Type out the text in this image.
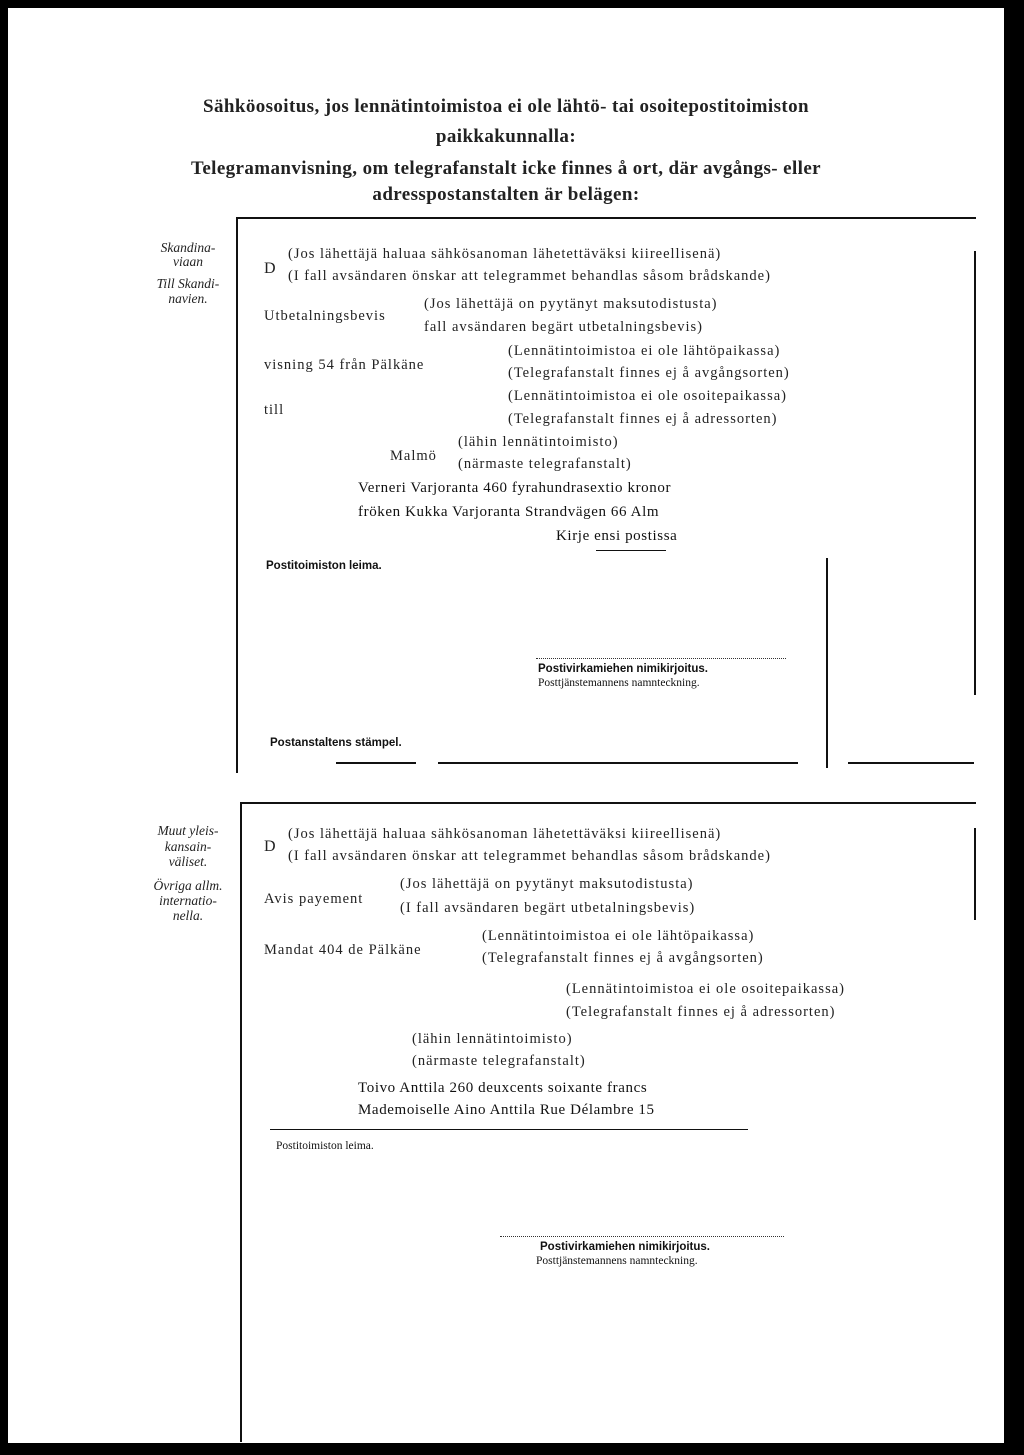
Sähköosoitus, jos lennätintoimistoa ei ole lähtö- tai osoitepostitoimiston
paikkakunnalla:
Telegramanvisning, om telegrafanstalt icke finnes å ort, där avgångs- eller
adresspostanstalten är belägen:
Skandina-
viaan
Till Skandi-
navien.
D
(Jos lähettäjä haluaa sähkösanoman lähetettäväksi kiireellisenä)
(I fall avsändaren önskar att telegrammet behandlas såsom brådskande)
Utbetalningsbevis
(Jos lähettäjä on pyytänyt maksutodistusta)
fall avsändaren begärt utbetalningsbevis)
visning 54 från Pälkäne
(Lennätintoimistoa ei ole lähtöpaikassa)
(Telegrafanstalt finnes ej å avgångsorten)
till
(Lennätintoimistoa ei ole osoitepaikassa)
(Telegrafanstalt finnes ej å adressorten)
Malmö
(lähin lennätintoimisto)
(närmaste telegrafanstalt)
Verneri Varjoranta 460 fyrahundrasextio kronor
fröken Kukka Varjoranta Strandvägen 66 Alm
Kirje ensi postissa
Postitoimiston leima.
Postivirkamiehen nimikirjoitus.
Posttjänstemannens namnteckning.
Postanstaltens stämpel.
Muut yleis-
kansain-
väliset.
Övriga allm.
internatio-
nella.
D
(Jos lähettäjä haluaa sähkösanoman lähetettäväksi kiireellisenä)
(I fall avsändaren önskar att telegrammet behandlas såsom brådskande)
Avis payement
(Jos lähettäjä on pyytänyt maksutodistusta)
(I fall avsändaren begärt utbetalningsbevis)
Mandat 404 de Pälkäne
(Lennätintoimistoa ei ole lähtöpaikassa)
(Telegrafanstalt finnes ej å avgångsorten)
(Lennätintoimistoa ei ole osoitepaikassa)
(Telegrafanstalt finnes ej å adressorten)
(lähin lennätintoimisto)
(närmaste telegrafanstalt)
Toivo Anttila 260 deuxcents soixante francs
Mademoiselle Aino Anttila Rue Délambre 15
Postitoimiston leima.
Postivirkamiehen nimikirjoitus.
Posttjänstemannens namnteckning.
